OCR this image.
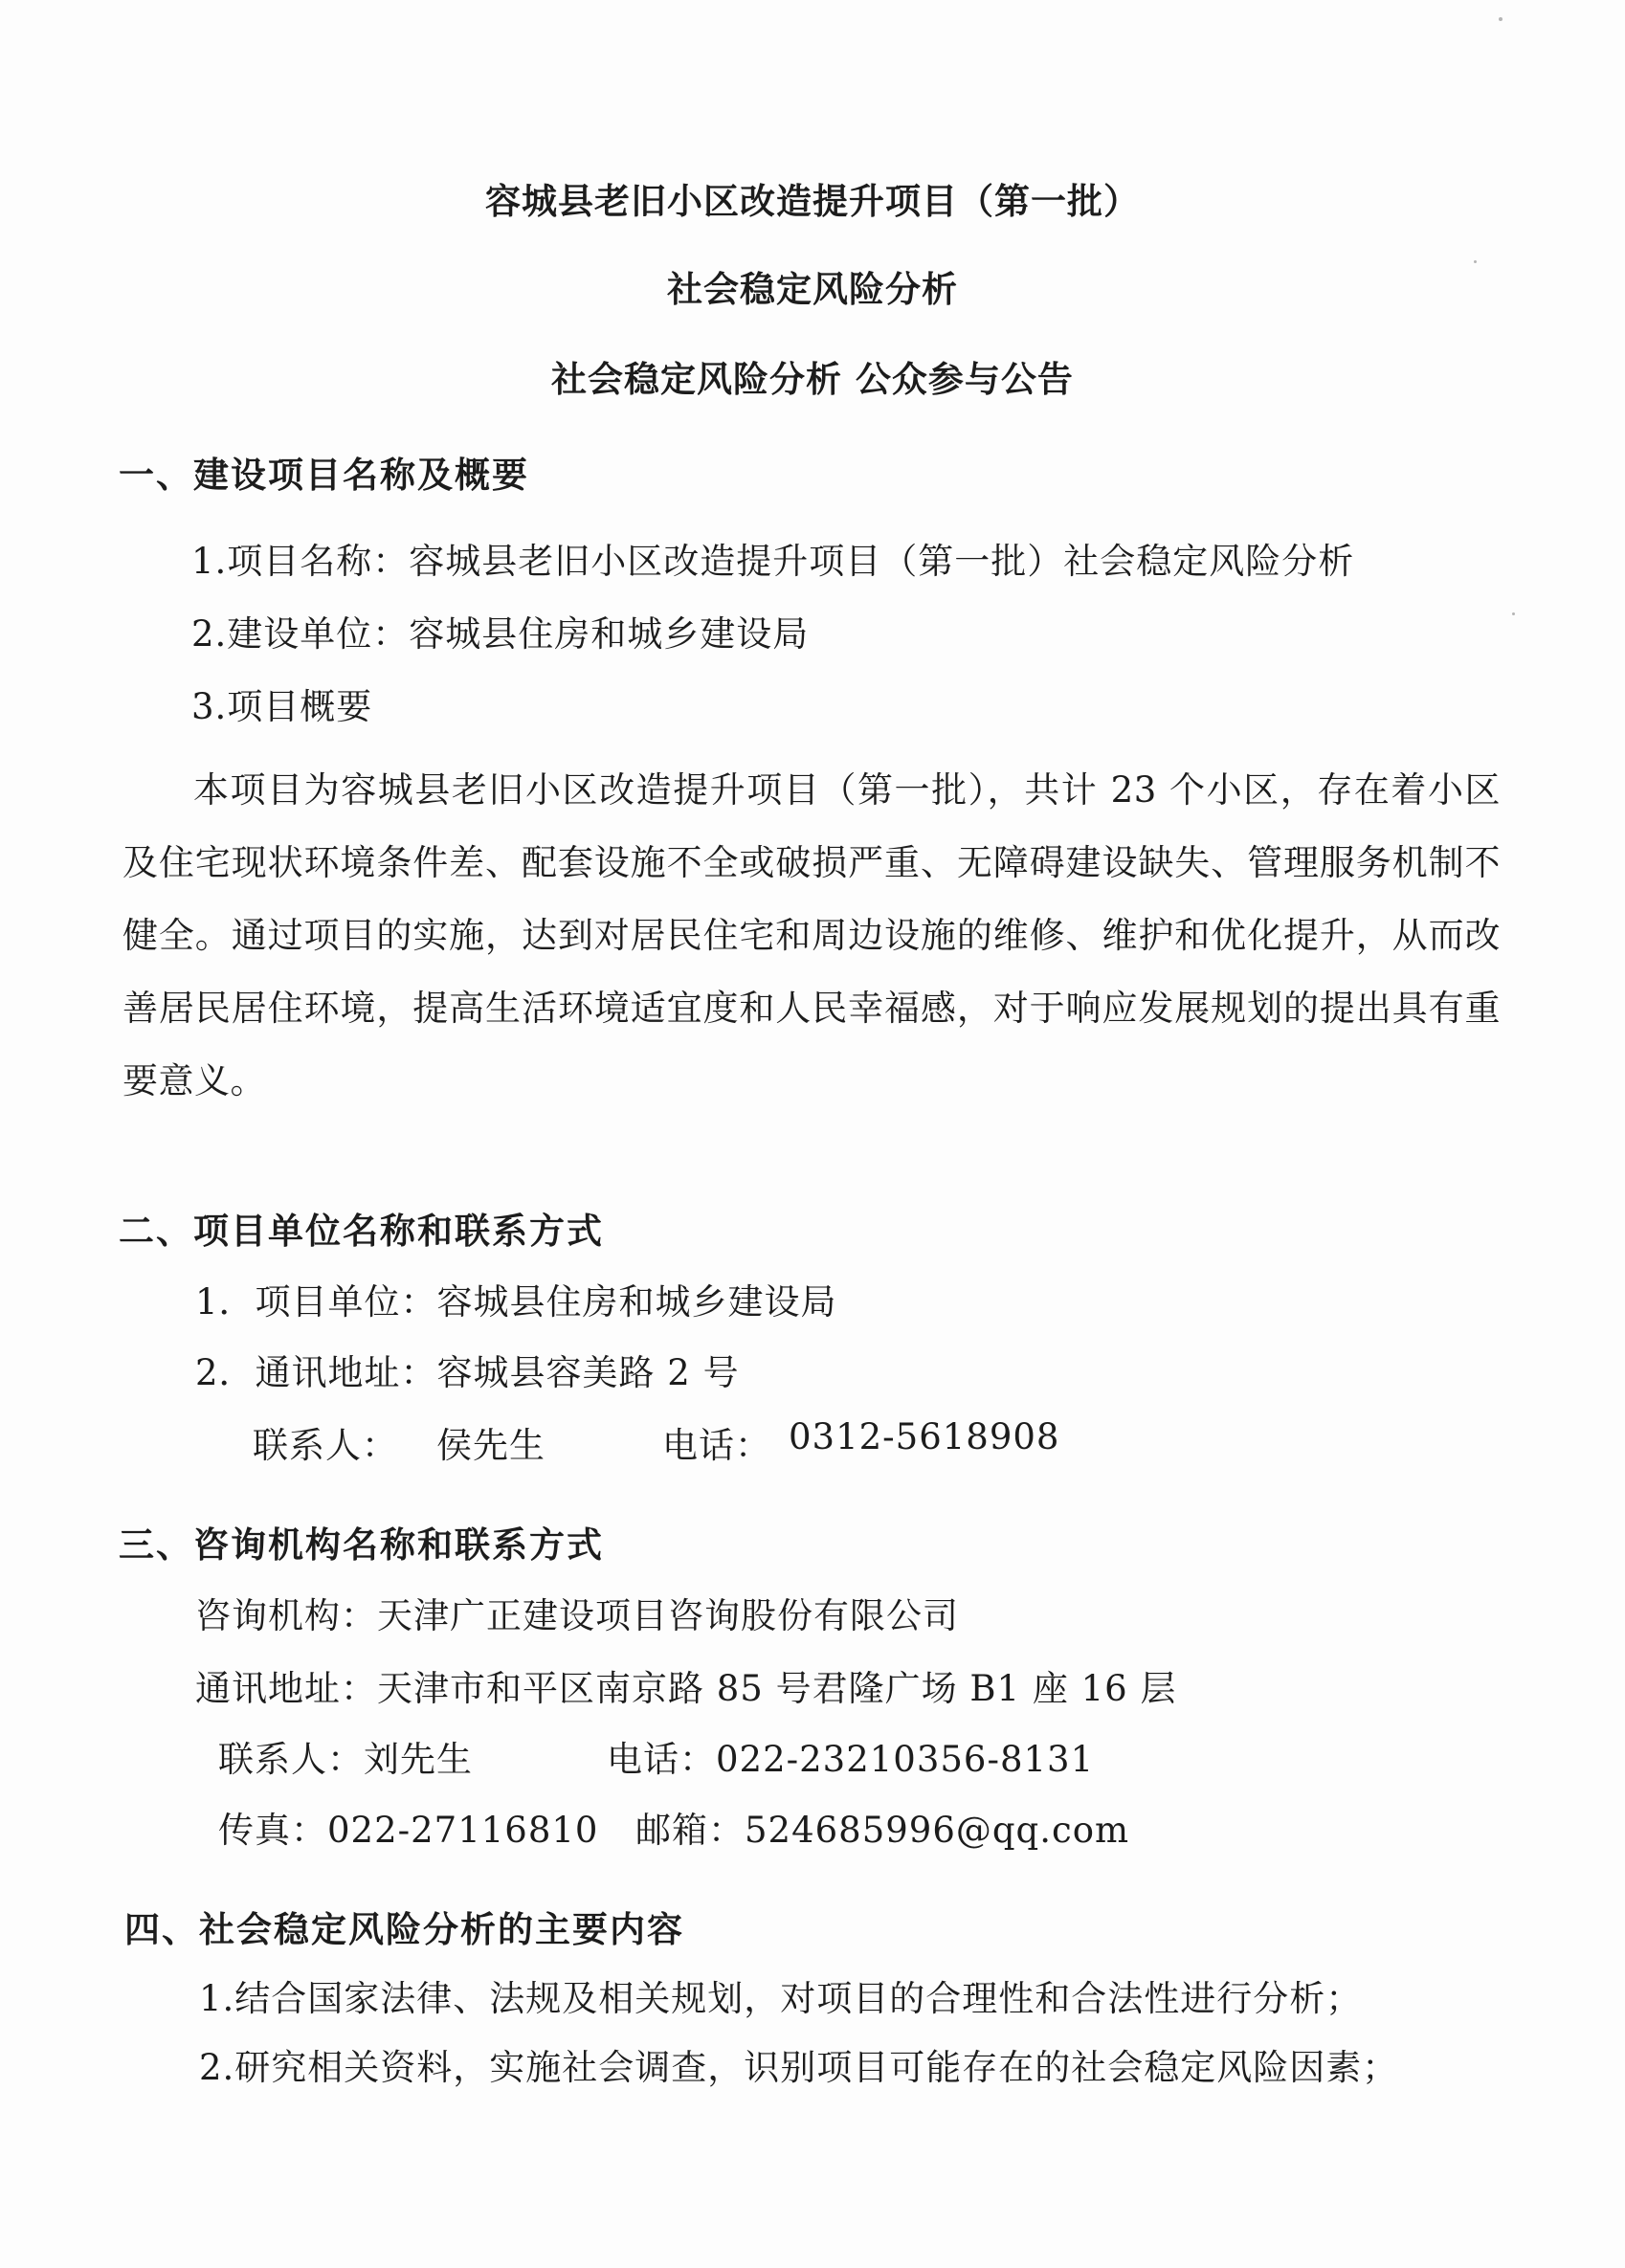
容城县老旧小区改造提升项目（第一批）
社会稳定风险分析
社会稳定风险分析 公众参与公告
一、建设项目名称及概要
1.项目名称：容城县老旧小区改造提升项目（第一批）社会稳定风险分析
2.建设单位：容城县住房和城乡建设局
3.项目概要
本项目为容城县老旧小区改造提升项目（第一批），共计 23 个小区，存在着小区及住宅现状环境条件差、配套设施不全或破损严重、无障碍建设缺失、管理服务机制不健全。通过项目的实施，达到对居民住宅和周边设施的维修、维护和优化提升，从而改善居民居住环境，提高生活环境适宜度和人民幸福感，对于响应发展规划的提出具有重要意义。
二、项目单位名称和联系方式
1．项目单位：容城县住房和城乡建设局
2．通讯地址：容城县容美路 2 号
联系人： 侯先生	电话： 0312-5618908
三、咨询机构名称和联系方式
咨询机构：天津广正建设项目咨询股份有限公司
通讯地址：天津市和平区南京路 85 号君隆广场 B1 座 16 层
联系人：刘先生	电话：022-23210356-8131
传真：022-27116810 邮箱：524685996@qq.com
四、社会稳定风险分析的主要内容
1.结合国家法律、法规及相关规划，对项目的合理性和合法性进行分析；
2.研究相关资料，实施社会调查，识别项目可能存在的社会稳定风险因素；
